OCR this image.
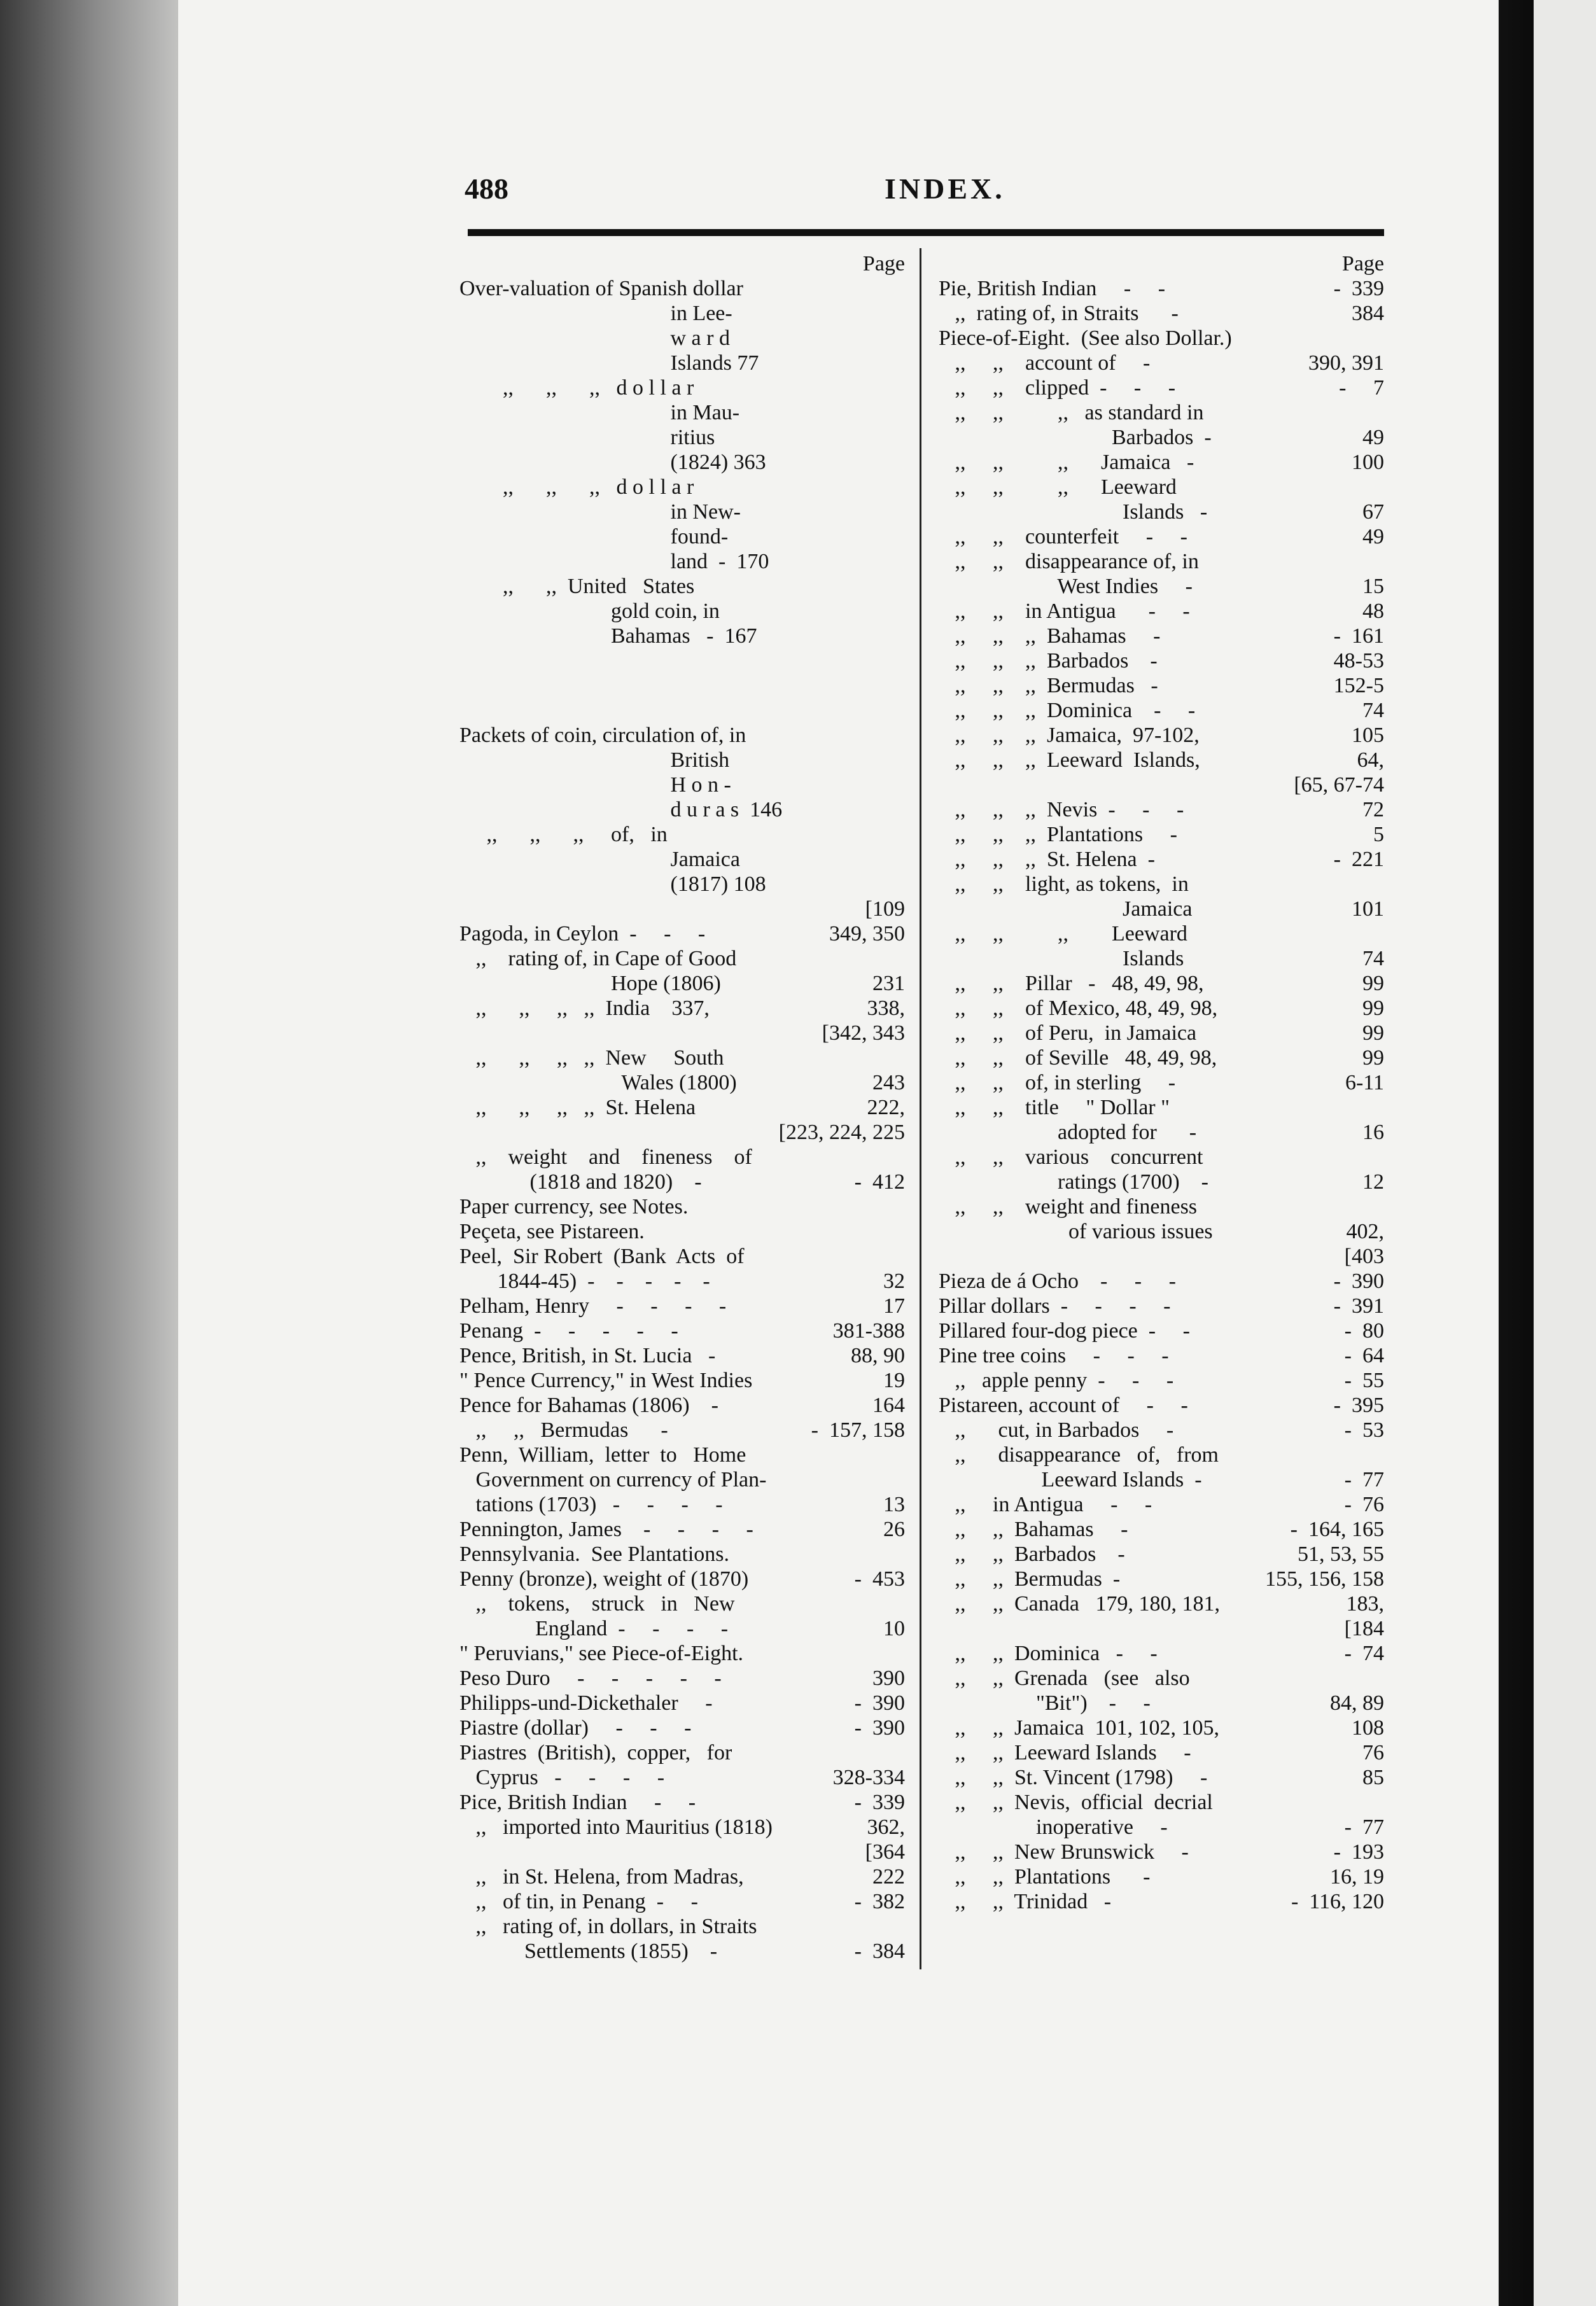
488	INDEX.
Page
Over-valuation of Spanish dollar
in Lee-
w a r d
Islands 77
,,      ,,      ,,   d o l l a r
in Mau-
ritius
(1824) 363
,,      ,,      ,,   d o l l a r
in New-
found-
land  -  170
,,      ,,  United   States
gold coin, in
Bahamas   -  167
Packets of coin, circulation of, in
British
H o n -
d u r a s  146
,,      ,,      ,,     of,   in
Jamaica
(1817) 108
[109
Pagoda, in Ceylon  -     -     -	349, 350
,,    rating of, in Cape of Good
Hope (1806)	231
,,      ,,     ,,   ,,  India    337,	338,
[342, 343
,,      ,,     ,,   ,,  New     South
Wales (1800)	243
,,      ,,     ,,   ,,  St. Helena	222,
[223, 224, 225
,,    weight    and    fineness    of
(1818 and 1820)    -	-  412
Paper currency, see Notes.
Peçeta, see Pistareen.
Peel,  Sir Robert  (Bank  Acts  of
1844-45)  -    -    -    -    -	32
Pelham, Henry     -     -     -     -	17
Penang  -     -     -     -     -	381-388
Pence, British, in St. Lucia   -	88, 90
" Pence Currency," in West Indies	19
Pence for Bahamas (1806)    -	164
,,     ,,   Bermudas      -	-  157, 158
Penn,  William,  letter  to   Home
Government on currency of Plan-
tations (1703)   -     -     -     -	13
Pennington, James    -     -     -     -	26
Pennsylvania.  See Plantations.
Penny (bronze), weight of (1870)	-  453
,,    tokens,    struck   in   New
England  -     -     -     -	10
" Peruvians," see Piece-of-Eight.
Peso Duro     -     -     -     -     -	390
Philipps-und-Dickethaler     -	-  390
Piastre (dollar)     -     -     -	-  390
Piastres  (British),  copper,   for
Cyprus   -     -     -     -	328-334
Pice, British Indian     -     -	-  339
,,   imported into Mauritius (1818)	362,
[364
,,   in St. Helena, from Madras,	222
,,   of tin, in Penang  -     -	-  382
,,   rating of, in dollars, in Straits
Settlements (1855)    -	-  384
Page
Pie, British Indian     -     -	-  339
,,  rating of, in Straits      -	384
Piece-of-Eight.  (See also Dollar.)
,,     ,,    account of     -	390, 391
,,     ,,    clipped  -     -     -	-     7
,,     ,,          ,,   as standard in
Barbados  -	49
,,     ,,          ,,      Jamaica   -	100
,,     ,,          ,,      Leeward
Islands   -	67
,,     ,,    counterfeit     -     -	49
,,     ,,    disappearance of, in
West Indies     -	15
,,     ,,    in Antigua      -     -	48
,,     ,,    ,,  Bahamas     -	-  161
,,     ,,    ,,  Barbados    -	48-53
,,     ,,    ,,  Bermudas   -	152-5
,,     ,,    ,,  Dominica    -     -	74
,,     ,,    ,,  Jamaica,  97-102,	105
,,     ,,    ,,  Leeward  Islands,	64,
[65, 67-74
,,     ,,    ,,  Nevis  -     -     -	72
,,     ,,    ,,  Plantations     -	5
,,     ,,    ,,  St. Helena  -	-  221
,,     ,,    light, as tokens,  in
Jamaica	101
,,     ,,          ,,        Leeward
Islands	74
,,     ,,    Pillar   -   48, 49, 98,	99
,,     ,,    of Mexico, 48, 49, 98,	99
,,     ,,    of Peru,  in Jamaica	99
,,     ,,    of Seville   48, 49, 98,	99
,,     ,,    of, in sterling     -	6-11
,,     ,,    title     " Dollar "
adopted for      -	16
,,     ,,    various    concurrent
ratings (1700)    -	12
,,     ,,    weight and fineness
of various issues	402,
[403
Pieza de á Ocho    -     -     -	-  390
Pillar dollars  -     -     -     -	-  391
Pillared four-dog piece  -     -	-  80
Pine tree coins     -     -     -	-  64
,,   apple penny  -     -     -	-  55
Pistareen, account of     -     -	-  395
,,      cut, in Barbados     -	-  53
,,      disappearance   of,   from
Leeward Islands  -	-  77
,,     in Antigua     -     -	-  76
,,     ,,  Bahamas     -	-  164, 165
,,     ,,  Barbados    -	51, 53, 55
,,     ,,  Bermudas  -	155, 156, 158
,,     ,,  Canada   179, 180, 181,	183,
[184
,,     ,,  Dominica   -     -	-  74
,,     ,,  Grenada   (see   also
"Bit")    -     -	84, 89
,,     ,,  Jamaica  101, 102, 105,	108
,,     ,,  Leeward Islands     -	76
,,     ,,  St. Vincent (1798)     -	85
,,     ,,  Nevis,  official  decrial
inoperative     -	-  77
,,     ,,  New Brunswick     -	-  193
,,     ,,  Plantations      -	16, 19
,,     ,,  Trinidad   -	-  116, 120
